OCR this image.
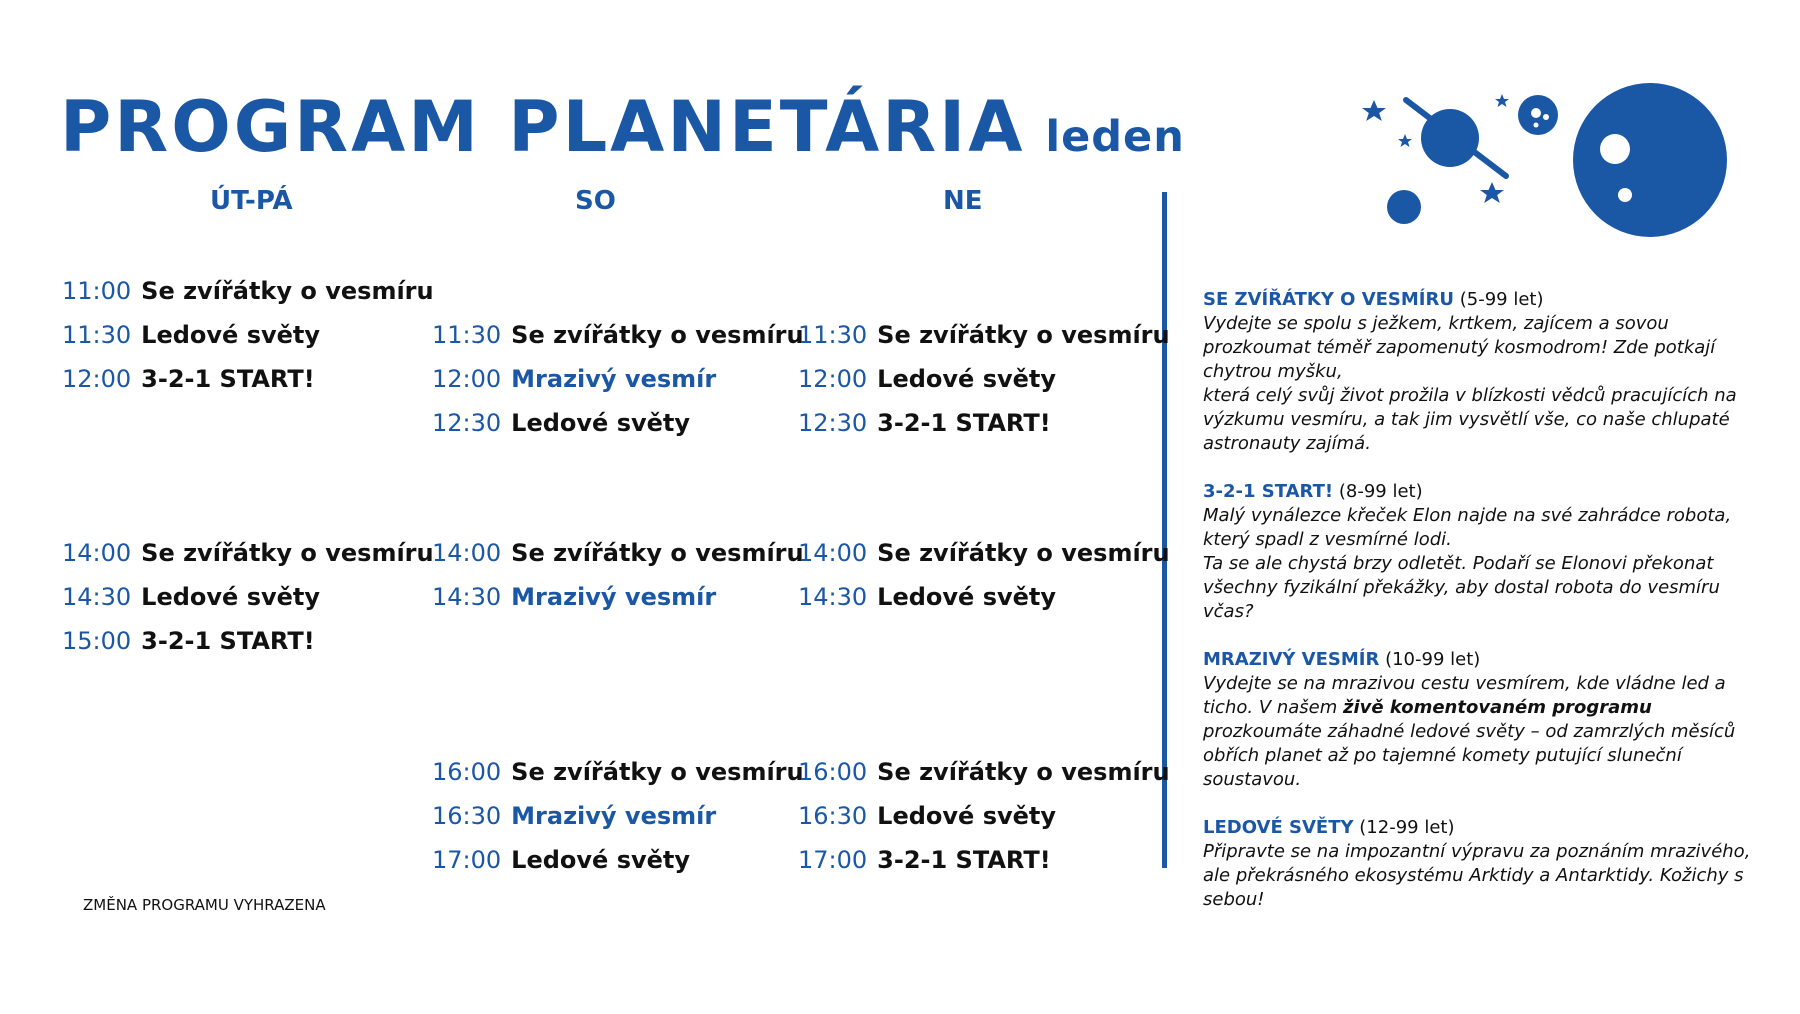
PROGRAM PLANETÁRIA leden
ÚT-PÁ	SO	NE
11:00 Se zvířátky o vesmíru
11:30 Ledové světy
12:00 3-2-1 START!
14:00 Se zvířátky o vesmíru
14:30 Ledové světy
15:00 3-2-1 START!
11:30 Se zvířátky o vesmíru
12:00 Mrazivý vesmír
12:30 Ledové světy
14:00 Se zvířátky o vesmíru
14:30 Mrazivý vesmír
16:00 Se zvířátky o vesmíru
16:30 Mrazivý vesmír
17:00 Ledové světy
11:30 Se zvířátky o vesmíru
12:00 Ledové světy
12:30 3-2-1 START!
14:00 Se zvířátky o vesmíru
14:30 Ledové světy
16:00 Se zvířátky o vesmíru
16:30 Ledové světy
17:00 3-2-1 START!
ZMĚNA PROGRAMU VYHRAZENA
SE ZVÍŘÁTKY O VESMÍRU (5-99 let)
Vydejte se spolu s ježkem, krtkem, zajícem a sovou prozkoumat téměř zapomenutý kosmodrom! Zde potkají chytrou myšku,
která celý svůj život prožila v blízkosti vědců pracujících na výzkumu vesmíru, a tak jim vysvětlí vše, co naše chlupaté astronauty zajímá.
3-2-1 START! (8-99 let)
Malý vynálezce křeček Elon najde na své zahrádce robota, který spadl z vesmírné lodi.
Ta se ale chystá brzy odletět. Podaří se Elonovi překonat všechny fyzikální překážky, aby dostal robota do vesmíru včas?
MRAZIVÝ VESMÍR (10-99 let)
Vydejte se na mrazivou cestu vesmírem, kde vládne led a ticho. V našem živě komentovaném programu prozkoumáte záhadné ledové světy – od zamrzlých měsíců obřích planet až po tajemné komety putující sluneční soustavou.
LEDOVÉ SVĚTY (12-99 let)
Připravte se na impozantní výpravu za poznáním mrazivého, ale překrásného ekosystému Arktidy a Antarktidy. Kožichy s sebou!
